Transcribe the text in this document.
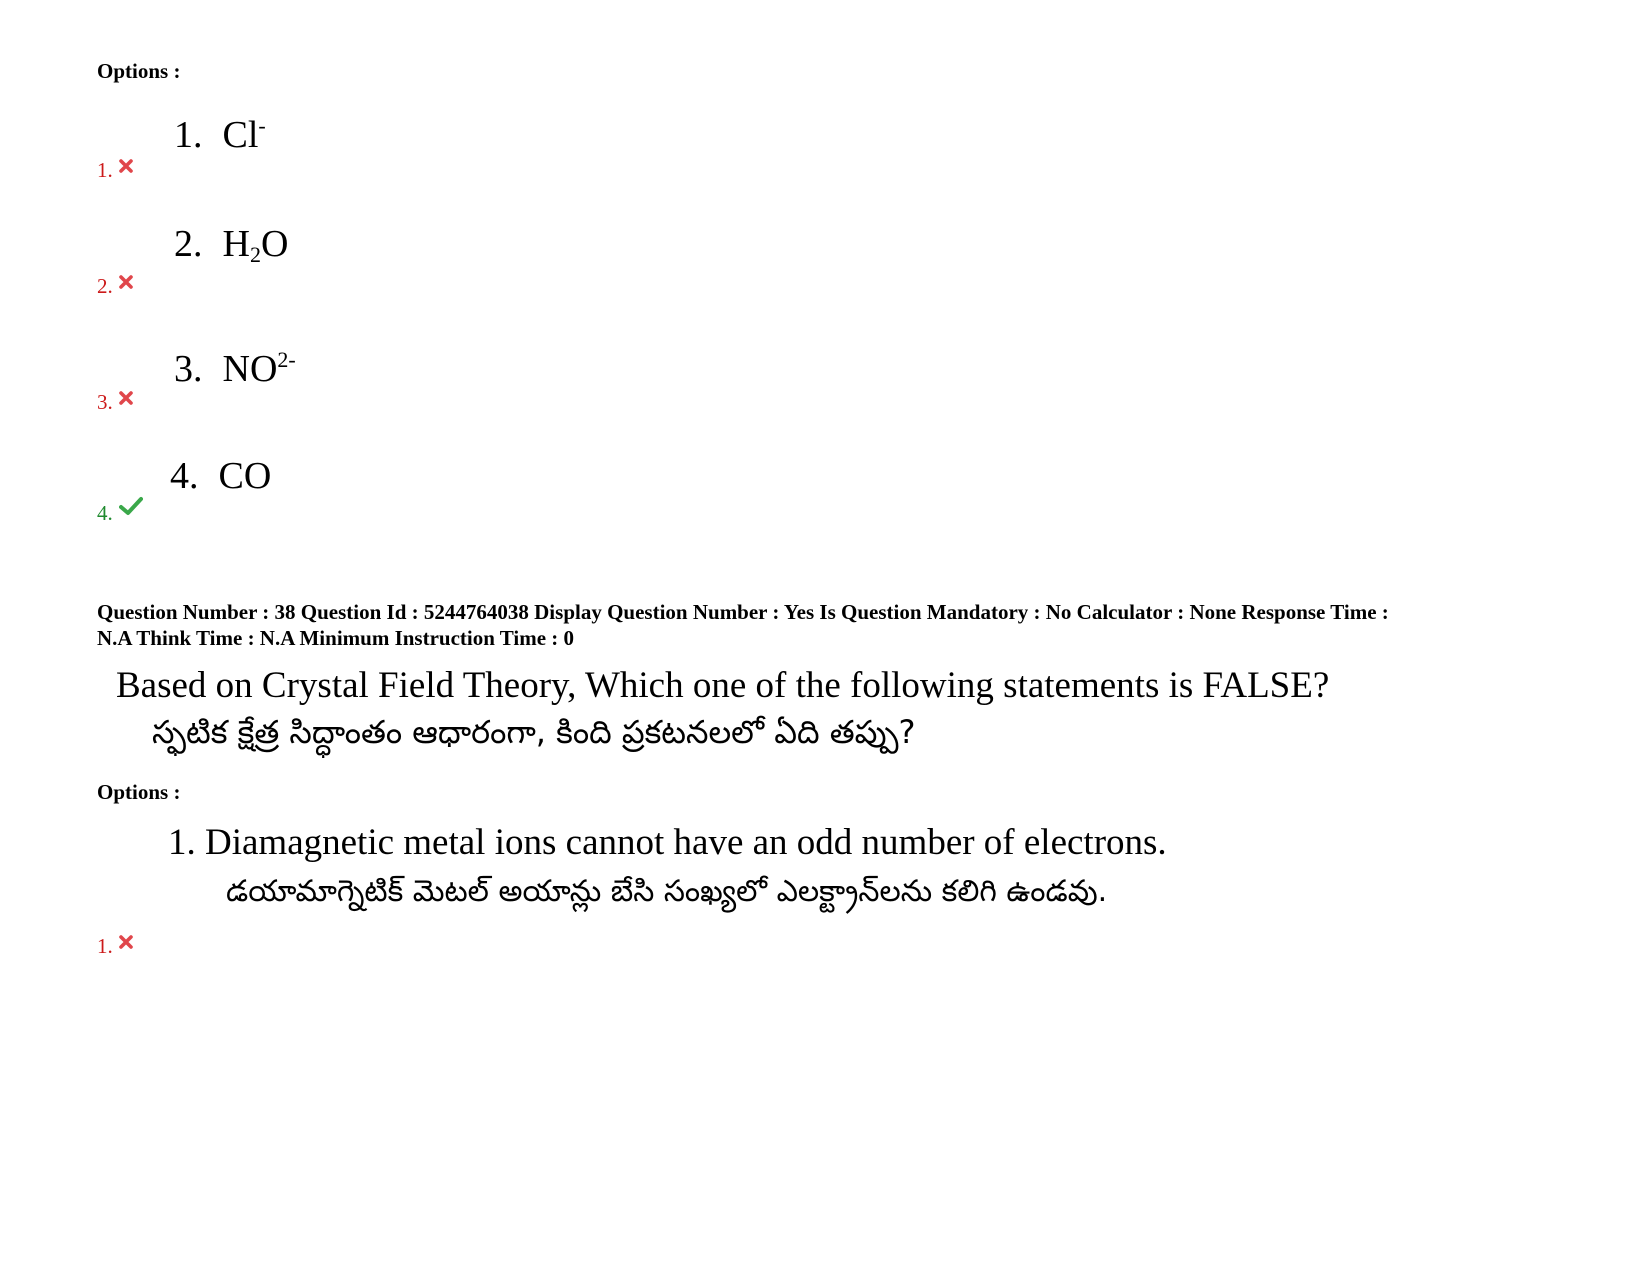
Options :
1. Cl-
1.
2. $H_2O$
2.
3. $NO^{2-}$
3.
4. CO
4.
Question Number : 38 Question Id : 5244764038 Display Question Number : Yes Is Question Mandatory : No Calculator : None Response Time :
N.A Think Time : N.A Minimum Instruction Time : 0
Based on Crystal Field Theory, Which one of the following statements is FALSE?
స్ఫటిక క్షేత్ర సిద్ధాంతం ఆధారంగా, కింది ప్రకటనలలో ఏది తప్పు?
Options :
1. Diamagnetic metal ions cannot have an odd number of electrons.
డయామాగ్నెటిక్ మెటల్ అయాన్లు బేసి సంఖ్యలో ఎలక్ట్రాన్‌లను కలిగి ఉండవు.
1.
